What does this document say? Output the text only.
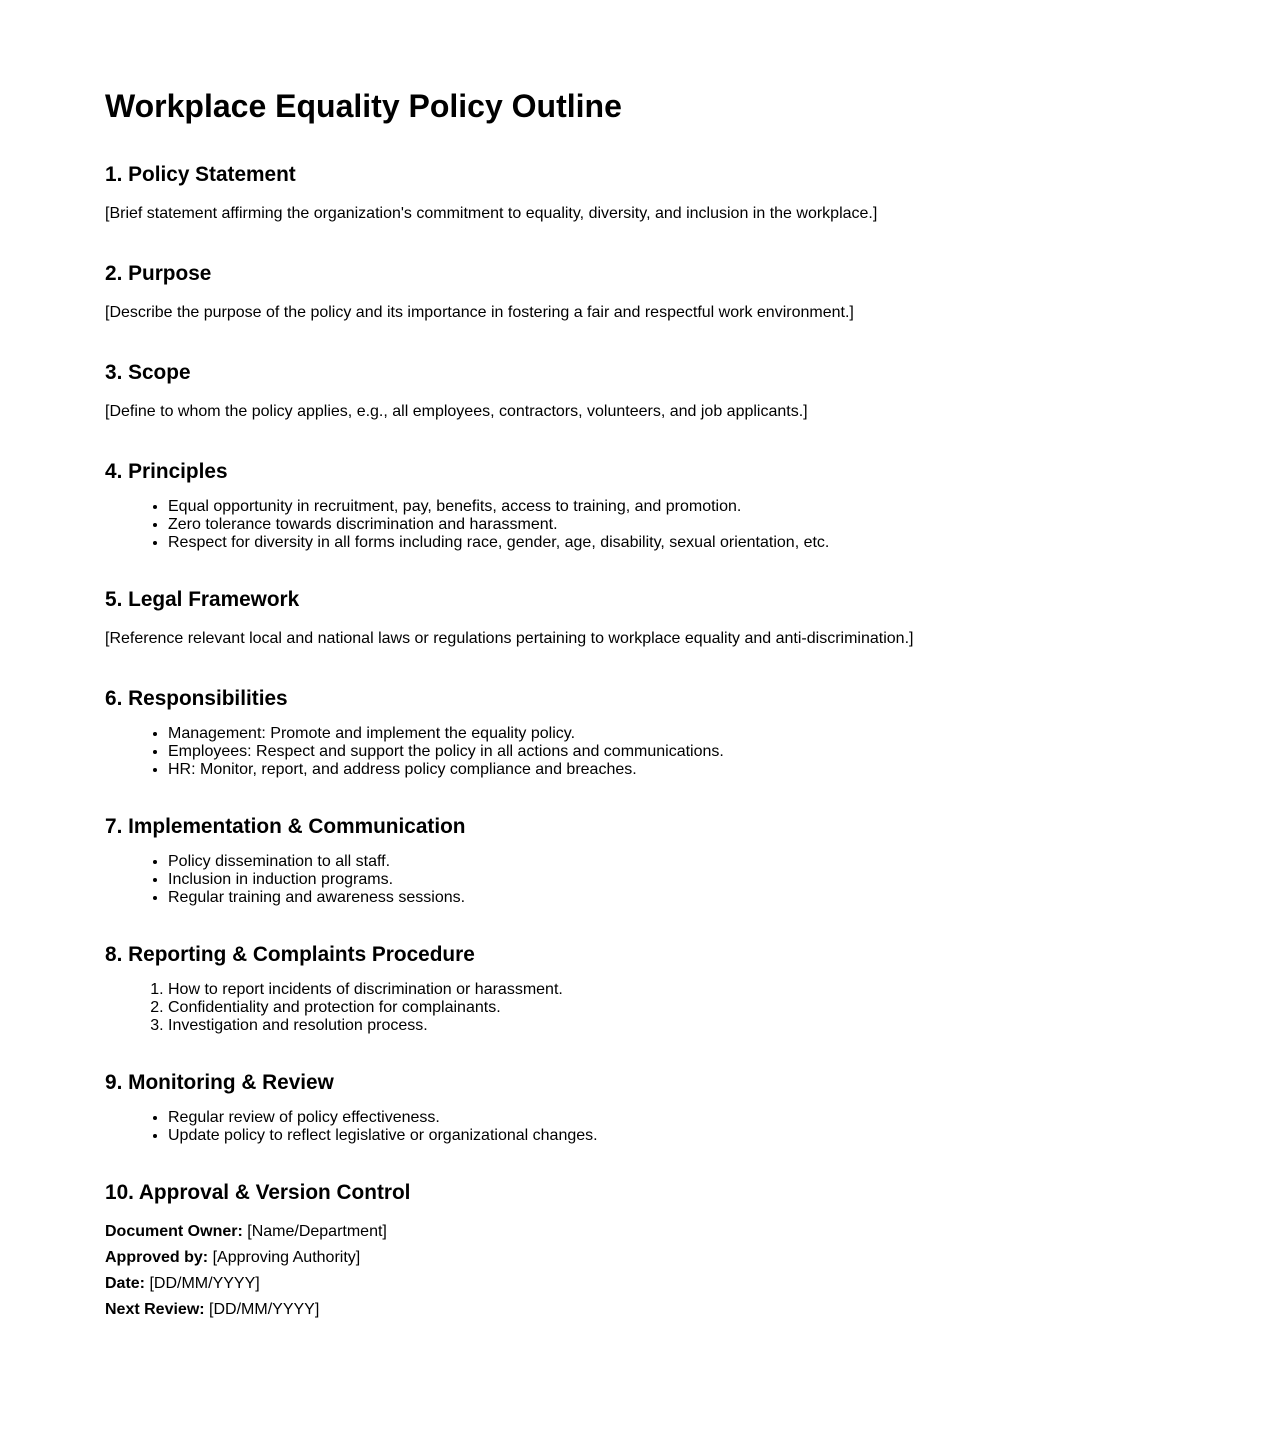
Workplace Equality Policy Outline
1. Policy Statement

[Brief statement affirming the organization's commitment to equality, diversity, and inclusion in the workplace.]

2. Purpose

[Describe the purpose of the policy and its importance in fostering a fair and respectful work environment.]

3. Scope

[Define to whom the policy applies, e.g., all employees, contractors, volunteers, and job applicants.]

4. Principles
• Equal opportunity in recruitment, pay, benefits, access to training, and promotion.
• Zero tolerance towards discrimination and harassment.
• Respect for diversity in all forms including race, gender, age, disability, sexual orientation, etc.
5. Legal Framework

[Reference relevant local and national laws or regulations pertaining to workplace equality and anti-discrimination.]

6. Responsibilities
• Management: Promote and implement the equality policy.
• Employees: Respect and support the policy in all actions and communications.
• HR: Monitor, report, and address policy compliance and breaches.
7. Implementation & Communication
• Policy dissemination to all staff.
• Inclusion in induction programs.
• Regular training and awareness sessions.
8. Reporting & Complaints Procedure
1. How to report incidents of discrimination or harassment.
2. Confidentiality and protection for complainants.
3. Investigation and resolution process.
9. Monitoring & Review
• Regular review of policy effectiveness.
• Update policy to reflect legislative or organizational changes.
10. Approval & Version Control

Document Owner: [Name/Department]

Approved by: [Approving Authority]

Date: [DD/MM/YYYY]

Next Review: [DD/MM/YYYY]
